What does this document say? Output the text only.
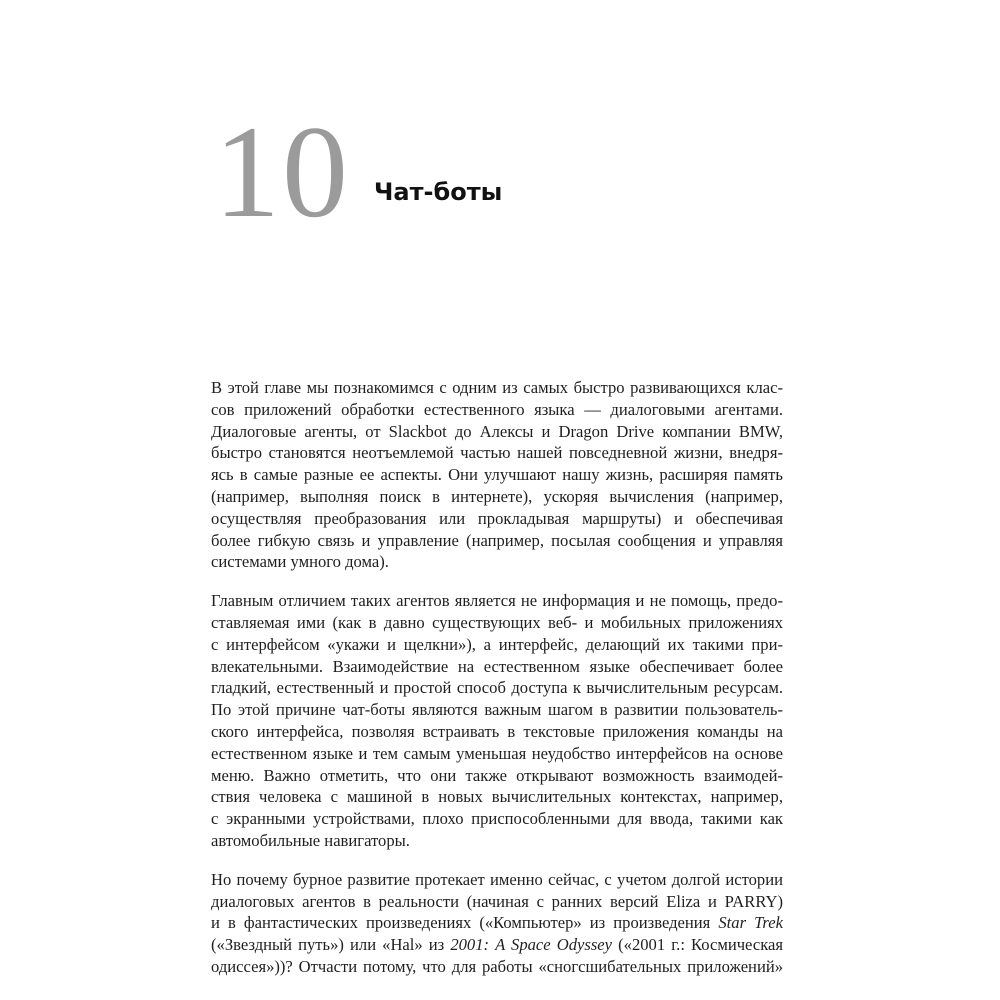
10 Чат-боты
В этой главе мы познакомимся с одним из самых быстро развивающихся клас-
сов приложений обработки естественного языка — диалоговыми агентами.
Диалоговые агенты, от Slackbot до Алексы и Dragon Drive компании BMW,
быстро становятся неотъемлемой частью нашей повседневной жизни, внедря-
ясь в самые разные ее аспекты. Они улучшают нашу жизнь, расширяя память
(например, выполняя поиск в интернете), ускоряя вычисления (например,
осуществляя преобразования или прокладывая маршруты) и обеспечивая
более гибкую связь и управление (например, посылая сообщения и управляя
системами умного дома).
Главным отличием таких агентов является не информация и не помощь, предо-
ставляемая ими (как в давно существующих веб- и мобильных приложениях
с интерфейсом «укажи и щелкни»), а интерфейс, делающий их такими при-
влекательными. Взаимодействие на естественном языке обеспечивает более
гладкий, естественный и простой способ доступа к вычислительным ресурсам.
По этой причине чат-боты являются важным шагом в развитии пользователь-
ского интерфейса, позволяя встраивать в текстовые приложения команды на
естественном языке и тем самым уменьшая неудобство интерфейсов на основе
меню. Важно отметить, что они также открывают возможность взаимодей-
ствия человека с машиной в новых вычислительных контекстах, например,
с экранными устройствами, плохо приспособленными для ввода, такими как
автомобильные навигаторы.
Но почему бурное развитие протекает именно сейчас, с учетом долгой истории
диалоговых агентов в реальности (начиная с ранних версий Eliza и PARRY)
и в фантастических произведениях («Компьютер» из произведения Star Trek
(«Звездный путь») или «Hal» из 2001: A Space Odyssey («2001 г.: Космическая
одиссея»))? Отчасти потому, что для работы «сногсшибательных приложений»
